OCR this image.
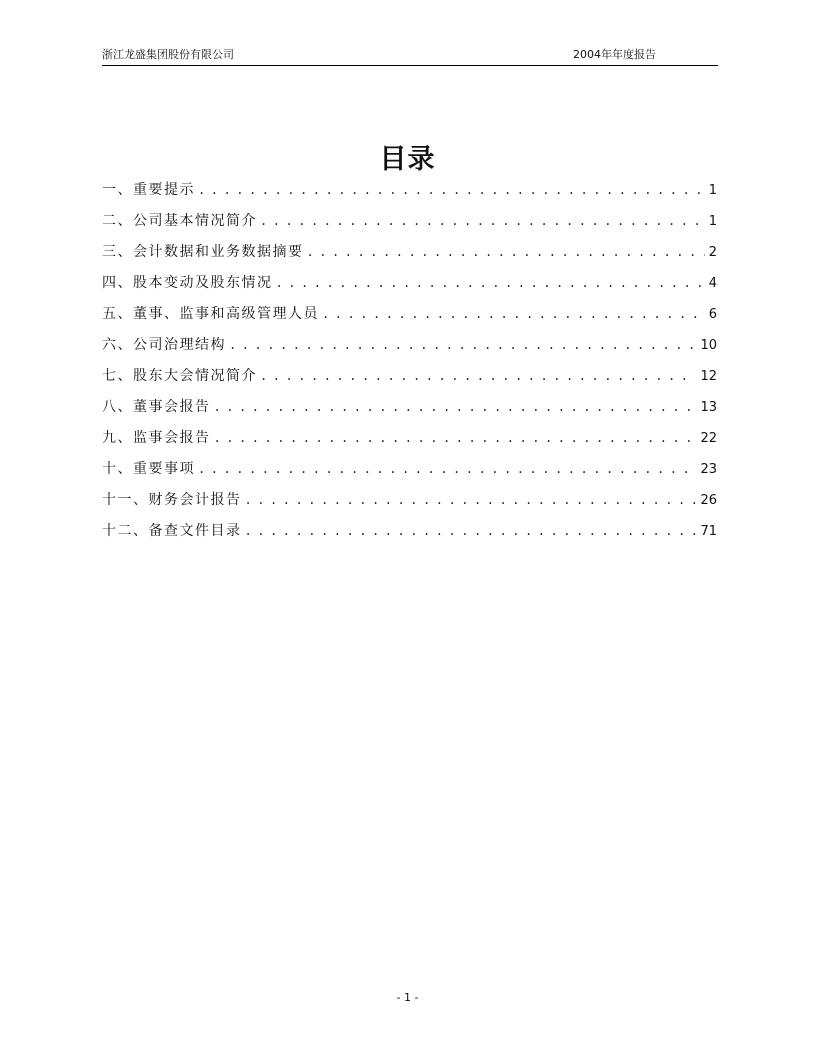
浙江龙盛集团股份有限公司	2004年年度报告
目录
一、重要提示 . . .	1
二、公司基本情况简介 . . .	1
三、会计数据和业务数据摘要 . . .	2
四、股本变动及股东情况 . . .	4
五、董事、监事和高级管理人员 . . .	6
六、公司治理结构 . . .	10
七、股东大会情况简介 . . .	12
八、董事会报告 . . .	13
九、监事会报告 . . .	22
十、重要事项 . . .	23
十一、财务会计报告 . . .	26
十二、备查文件目录 . . .	71
- 1 -
